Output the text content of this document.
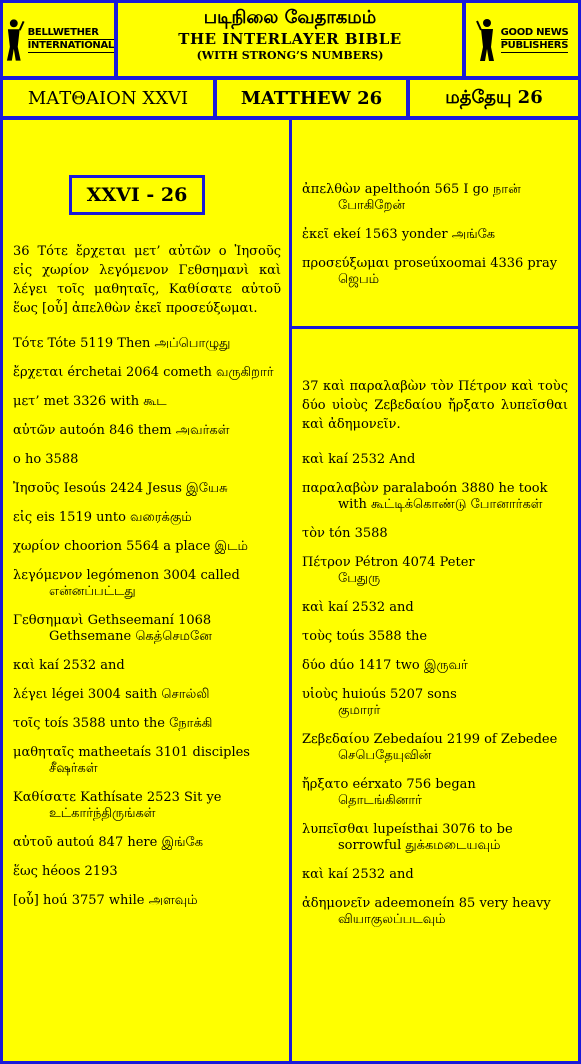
BELLWETHER
INTERNATIONAL
படிநிலை வேதாகமம்
THE INTERLAYER BIBLE
(WITH STRONG’S NUMBERS)
GOOD NEWS
PUBLISHERS
ΜΑΤΘΑΙΟΝ XXVI	MATTHEW 26	மத்தேயு 26
XXVI - 26
36 Τότε ἔρχεται μετ’ αὐτῶν ο Ἰησοῦς εἰς χωρίον λεγόμενον Γεθσημανὶ καὶ λέγει τοῖς μαθηταῖς, Καθίσατε αὐτοῦ ἕως [οὗ] ἀπελθὼν ἐκεῖ προσεύξωμαι.
Τότε Tóte 5119 Then அப்பொழுது
ἔρχεται érchetai 2064 cometh வருகிறார்
μετ’ met 3326 with கூட
αὐτῶν autoón 846 them அவர்கள்
ο ho 3588
Ἰησοῦς Iesoús 2424 Jesus இயேசு
εἰς eis 1519 unto வரைக்கும்
χωρίον choorion 5564 a place இடம்
λεγόμενον legómenon 3004 called
என்னப்பட்டது
Γεθσημανὶ Gethseemaní 1068
Gethsemane கெத்செமனே
καὶ kaí 2532 and
λέγει légei 3004 saith சொல்லி
τοῖς toís 3588 unto the நோக்கி
μαθηταῖς matheetaís 3101 disciples
சீஷர்கள்
Καθίσατε Kathísate 2523 Sit ye
உட்கார்ந்திருங்கள்
αὐτοῦ autoú 847 here இங்கே
ἕως héoos 2193
[οὗ] hoú 3757 while அளவும்
ἀπελθὼν apelthoón 565 I go நான்
போகிறேன்
ἐκεῖ ekeí 1563 yonder அங்கே
προσεύξωμαι proseúxoomai 4336 pray
ஜெபம்
37 καὶ παραλαβὼν τὸν Πέτρον καὶ τοὺς δύο υἱοὺς Ζεβεδαίου ἤρξατο λυπεῖσθαι καὶ ἀδημονεῖν.
καὶ kaí 2532 And
παραλαβὼν paralaboón 3880 he took
with கூட்டிக்கொண்டு போனார்கள்
τὸν tón 3588
Πέτρον Pétron 4074 Peter
பேதுரு
καὶ kaí 2532 and
τοὺς toús 3588 the
δύο dúo 1417 two இருவர்
υἱοὺς huioús 5207 sons
குமாரர்
Ζεβεδαίου Zebedaíou 2199 of Zebedee
செபெதேயுவின்
ἤρξατο eérxato 756 began
தொடங்கினார்
λυπεῖσθαι lupeísthai 3076 to be
sorrowful துக்கமடையவும்
καὶ kaí 2532 and
ἀδημονεῖν adeemoneín 85 very heavy
வியாகுலப்படவும்
